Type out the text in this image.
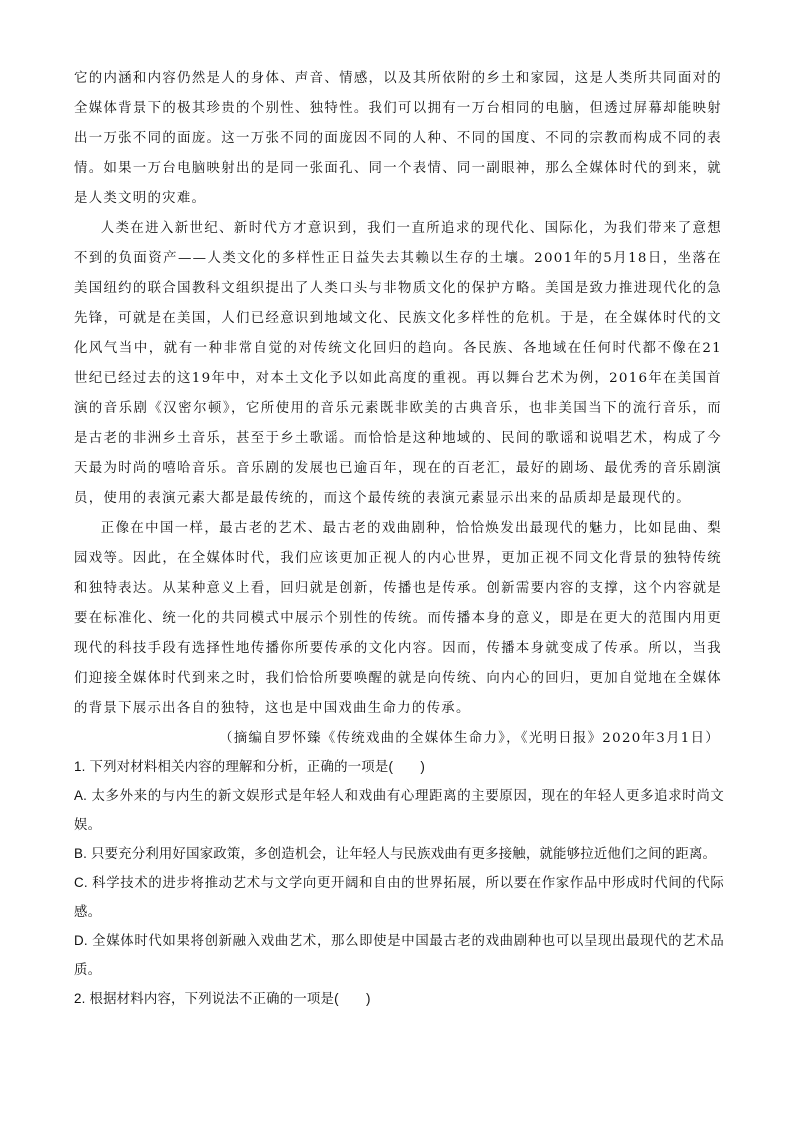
它的内涵和内容仍然是人的身体、声音、情感，以及其所依附的乡土和家园，这是人类所共同面对的全媒体背景下的极其珍贵的个别性、独特性。我们可以拥有一万台相同的电脑，但透过屏幕却能映射出一万张不同的面庞。这一万张不同的面庞因不同的人种、不同的国度、不同的宗教而构成不同的表情。如果一万台电脑映射出的是同一张面孔、同一个表情、同一副眼神，那么全媒体时代的到来，就是人类文明的灾难。

人类在进入新世纪、新时代方才意识到，我们一直所追求的现代化、国际化，为我们带来了意想不到的负面资产——人类文化的多样性正日益失去其赖以生存的土壤。2001年的5月18日，坐落在美国纽约的联合国教科文组织提出了人类口头与非物质文化的保护方略。美国是致力推进现代化的急先锋，可就是在美国，人们已经意识到地域文化、民族文化多样性的危机。于是，在全媒体时代的文化风气当中，就有一种非常自觉的对传统文化回归的趋向。各民族、各地域在任何时代都不像在21世纪已经过去的这19年中，对本土文化予以如此高度的重视。再以舞台艺术为例，2016年在美国首演的音乐剧《汉密尔顿》，它所使用的音乐元素既非欧美的古典音乐，也非美国当下的流行音乐，而是古老的非洲乡土音乐，甚至于乡土歌谣。而恰恰是这种地域的、民间的歌谣和说唱艺术，构成了今天最为时尚的嘻哈音乐。音乐剧的发展也已逾百年，现在的百老汇，最好的剧场、最优秀的音乐剧演员，使用的表演元素大都是最传统的，而这个最传统的表演元素显示出来的品质却是最现代的。

正像在中国一样，最古老的艺术、最古老的戏曲剧种，恰恰焕发出最现代的魅力，比如昆曲、梨园戏等。因此，在全媒体时代，我们应该更加正视人的内心世界，更加正视不同文化背景的独特传统和独特表达。从某种意义上看，回归就是创新，传播也是传承。创新需要内容的支撑，这个内容就是要在标准化、统一化的共同模式中展示个别性的传统。而传播本身的意义，即是在更大的范围内用更现代的科技手段有选择性地传播你所要传承的文化内容。因而，传播本身就变成了传承。所以，当我们迎接全媒体时代到来之时，我们恰恰所要唤醒的就是向传统、向内心的回归，更加自觉地在全媒体的背景下展示出各自的独特，这也是中国戏曲生命力的传承。

（摘编自罗怀臻《传统戏曲的全媒体生命力》，《光明日报》2020年3月1日）

1. 下列对材料相关内容的理解和分析，正确的一项是(　　)

A. 太多外来的与内生的新文娱形式是年轻人和戏曲有心理距离的主要原因，现在的年轻人更多追求时尚文娱。

B. 只要充分利用好国家政策，多创造机会，让年轻人与民族戏曲有更多接触，就能够拉近他们之间的距离。

C. 科学技术的进步将推动艺术与文学向更开阔和自由的世界拓展，所以要在作家作品中形成时代间的代际感。

D. 全媒体时代如果将创新融入戏曲艺术，那么即使是中国最古老的戏曲剧种也可以呈现出最现代的艺术品质。

2. 根据材料内容，下列说法不正确的一项是(　　)
